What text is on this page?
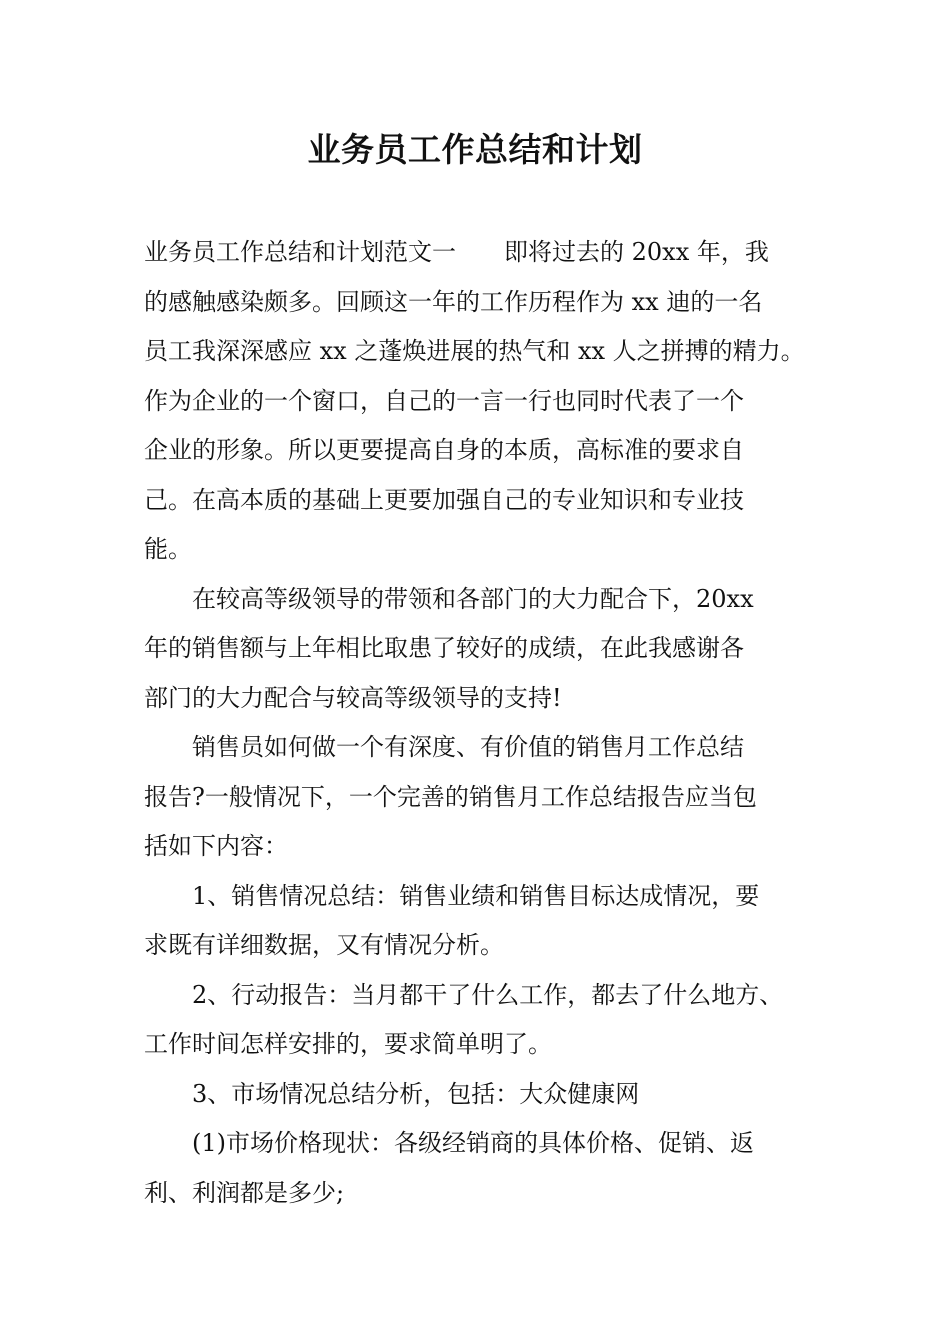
业务员工作总结和计划
业务员工作总结和计划范文一　　即将过去的 20xx 年，我
的感触感染颇多。回顾这一年的工作历程作为 xx 迪的一名
员工我深深感应 xx 之蓬焕进展的热气和 xx 人之拼搏的精力。
作为企业的一个窗口，自己的一言一行也同时代表了一个
企业的形象。所以更要提高自身的本质，高标准的要求自
己。在高本质的基础上更要加强自己的专业知识和专业技
能。
　　在较高等级领导的带领和各部门的大力配合下，20xx
年的销售额与上年相比取患了较好的成绩，在此我感谢各
部门的大力配合与较高等级领导的支持!
　　销售员如何做一个有深度、有价值的销售月工作总结
报告?一般情况下，一个完善的销售月工作总结报告应当包
括如下内容：
　　1、销售情况总结：销售业绩和销售目标达成情况，要
求既有详细数据，又有情况分析。
　　2、行动报告：当月都干了什么工作，都去了什么地方、
工作时间怎样安排的，要求简单明了。
　　3、市场情况总结分析，包括：大众健康网
　　(1)市场价格现状：各级经销商的具体价格、促销、返
利、利润都是多少;
